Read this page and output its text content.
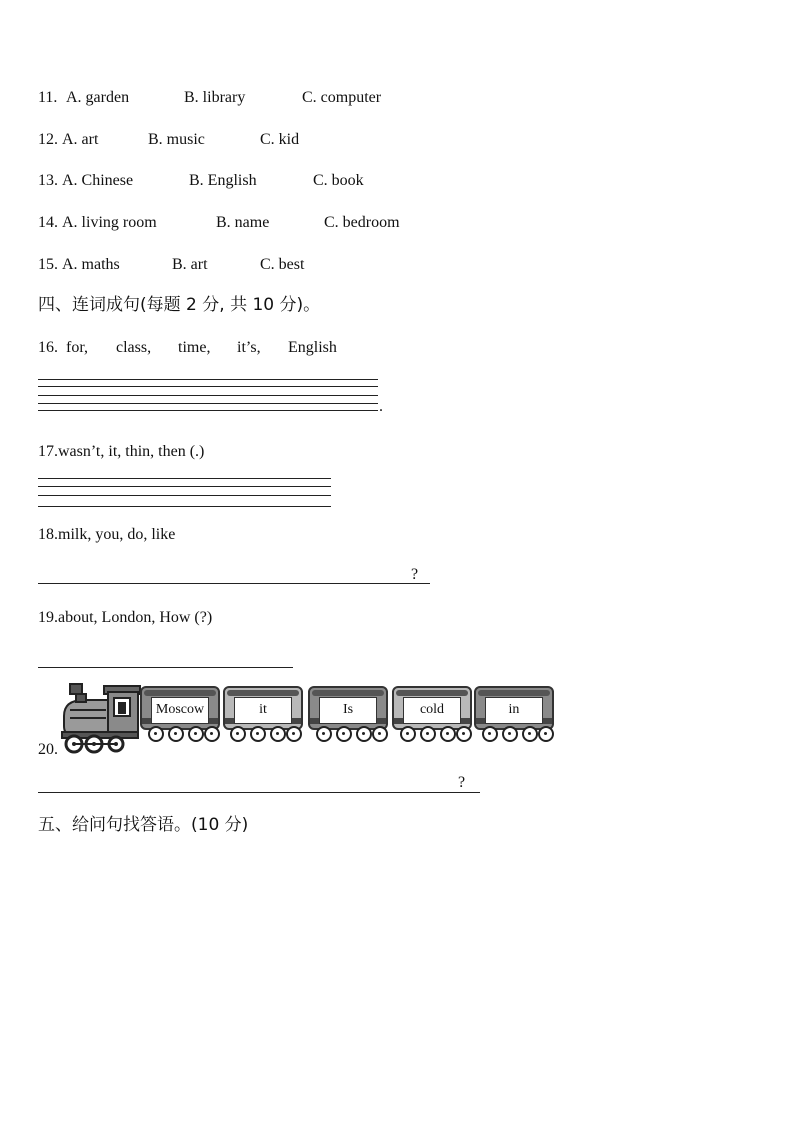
11. A. garden	B. library	C. computer
12. A. art	B. music	C. kid
13. A. Chinese	B. English	C. book
14. A. living room	B. name	C. bedroom
15. A. maths	B. art	C. best
四、连词成句(每题 2 分, 共 10 分)。
16. for, class, time, it’s, English
.
17.wasn’t, it, thin, then (.)
18.milk, you, do, like
?
19.about, London, How (?)
20.
Moscow	it	Is	cold	in
?
五、给问句找答语。(10 分)
